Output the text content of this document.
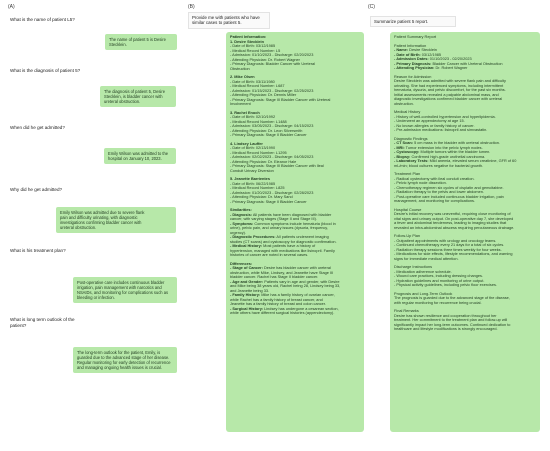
(A)	(B)	(C)
What is the name of patient L5?
The name of patient 5 is Desire
Stecklein.
What is the diagnosis of patient 5?
The diagnosis of patient 5, Desire
Stecklein, is bladder cancer with
ureteral obstruction.
When did he get admitted?
Emily Wilson was admitted to the
hospital on January 10, 2023.
Why did he get admitted?
Emily Wilson was admitted due to severe flank
pain and difficulty urinating, with diagnostic
investigations confirming bladder cancer with
ureteral obstruction.
What is his treatment plan?
Post-operative care includes continuous bladder
irrigation, pain management with narcotics and
NSAIDs, and monitoring for complications such as
bleeding or infection.
What is long term outlook of the
patient?
The long-term outlook for the patient, Emily, is
guarded due to the advanced stage of her disease.
Regular monitoring for early detection of recurrence
and managing ongoing health issues is crucial.
Provide me with patients who have
similar cases to patient 5.
Patient Information:
1. Desire Stecklein
- Date of Birth: 03/12/1985
- Medical Record Number: L5
- Admission: 01/10/2023 - Discharge: 02/20/2023
- Attending Physician: Dr. Robert Wagner
- Primary Diagnosis: Bladder Cancer with Ureteral
Obstruction
2. Mike Olsen
- Date of Birth: 03/11/1980
- Medical Record Number: L687
- Admission: 01/15/2023 - Discharge: 02/25/2023
- Attending Physician: Dr. Dennis Miller
- Primary Diagnosis: Stage III Bladder Cancer with Ureteral
Involvement
3. Rachel Enoch
- Date of Birth: 02/10/1992
- Medical Record Number: L1488
- Admission: 03/05/2023 - Discharge: 04/15/2023
- Attending Physician: Dr. Leon Silversmith
- Primary Diagnosis: Stage II Bladder Cancer
4. Lindsey Lauffer
- Date of Birth: 02/13/1990
- Medical Record Number: L1295
- Admission: 02/02/2023 - Discharge: 04/05/2023
- Attending Physician: Dr. Eleanor Hale
- Primary Diagnosis: Stage III Bladder Cancer with Ileal
Conduit Urinary Diversion
5. Jeanette Barrientes
- Date of Birth: 06/22/1985
- Medical Record Number: L825
- Admission: 01/20/2023 - Discharge: 02/28/2023
- Attending Physician: Dr. Mary Sand
- Primary Diagnosis: Stage II Bladder Cancer
Similarities:
- Diagnosis: All patients have been diagnosed with bladder
cancer, with varying stages (Stage II and Stage III).
- Symptoms: Common symptoms include hematuria (blood in
urine), pelvic pain, and urinary issues (dysuria, frequency,
urgency).
- Diagnostic Procedures: All patients underwent imaging
studies (CT scans) and cystoscopy for diagnostic confirmation.
- Medical History: Most patients have a history of
hypertension, managed with medications like lisinopril. Family
histories of cancer are noted in several cases.
Differences:
- Stage of Cancer: Desire has bladder cancer with ureteral
obstruction, while Mike, Lindsey, and Jeanette have Stage III
bladder cancer. Rachel has Stage II bladder cancer.
- Age and Gender: Patients vary in age and gender, with Desire
and Mike being 38 years old, Rachel being 28, Lindsey being 33,
and Jeanette being 33.
- Family History: Mike has a family history of ovarian cancer,
while Rachel has a family history of breast cancer, and
Jeanette has a family history of breast and colon cancer.
- Surgical History: Lindsey has undergone a cesarean section,
while others have different surgical histories (appendectomy).
Summarize patient 5 report.
Patient Summary Report
Patient Information
- Name: Desire Stecklein
- Date of Birth: 03/12/1985
- Admission Dates: 01/10/2023 - 02/20/2023
- Primary Diagnosis: Bladder Cancer with Ureteral Obstruction
- Attending Physician: Dr. Robert Wagner
Reason for Admission
Desire Stecklein was admitted with severe flank pain and difficulty
urinating. She had experienced symptoms, including intermittent
hematuria, dysuria, and pelvic discomfort, for the past six months.
Initial assessments revealed a palpable abdominal mass, and
diagnostic investigations confirmed bladder cancer with ureteral
obstruction.
Medical History
- History of well-controlled hypertension and hyperlipidemia.
- Underwent an appendectomy at age 15.
- No known allergies or family history of cancer.
- Pre-admission medications: lisinopril and simvastatin.
Diagnostic Findings
- CT Scan: 5 cm mass in the bladder with ureteral obstruction.
- MRI: Tumor extension into the pelvic lymph nodes.
- Cystoscopy: Multiple tumors within the bladder lumen.
- Biopsy: Confirmed high-grade urothelial carcinoma.
- Laboratory Tests: Mild anemia, elevated serum creatinine, GFR of 60
mL/min; blood cultures negative for bacterial growth.
Treatment Plan
- Radical cystectomy with ileal conduit creation.
- Pelvic lymph node dissection.
- Chemotherapy regimen six cycles of cisplatin and gemcitabine.
- Radiation therapy to the pelvis and lower abdomen.
- Post-operative care included continuous bladder irrigation, pain
management, and monitoring for complications.
Hospital Course
Desire's initial recovery was uneventful, requiring close monitoring of
vital signs and urinary output. On post-operative day 7, she developed
a fever and abdominal tenderness, leading to imaging studies that
revealed an intra-abdominal abscess requiring percutaneous drainage.
Follow-Up Plan
- Outpatient appointments with urology and oncology teams.
- Continued chemotherapy every 21 days for a total of six cycles.
- Radiation therapy sessions three times weekly for four weeks.
- Medications for side effects, lifestyle recommendations, and warning
signs for immediate medical attention.
Discharge Instructions
- Medication adherence schedule.
- Wound care practices, including dressing changes.
- Hydration guidelines and monitoring of urine output.
- Physical activity guidelines, including pelvic floor exercises.
Prognosis and Long-Term Outlook
The prognosis is guarded due to the advanced stage of the disease,
with regular monitoring for recurrence being crucial.
Final Remarks
Desire has shown resilience and cooperation throughout her
treatment. Her commitment to the treatment plan and follow-up will
significantly impact her long-term outcomes. Continued dedication to
healthcare and lifestyle modifications is strongly encouraged.
